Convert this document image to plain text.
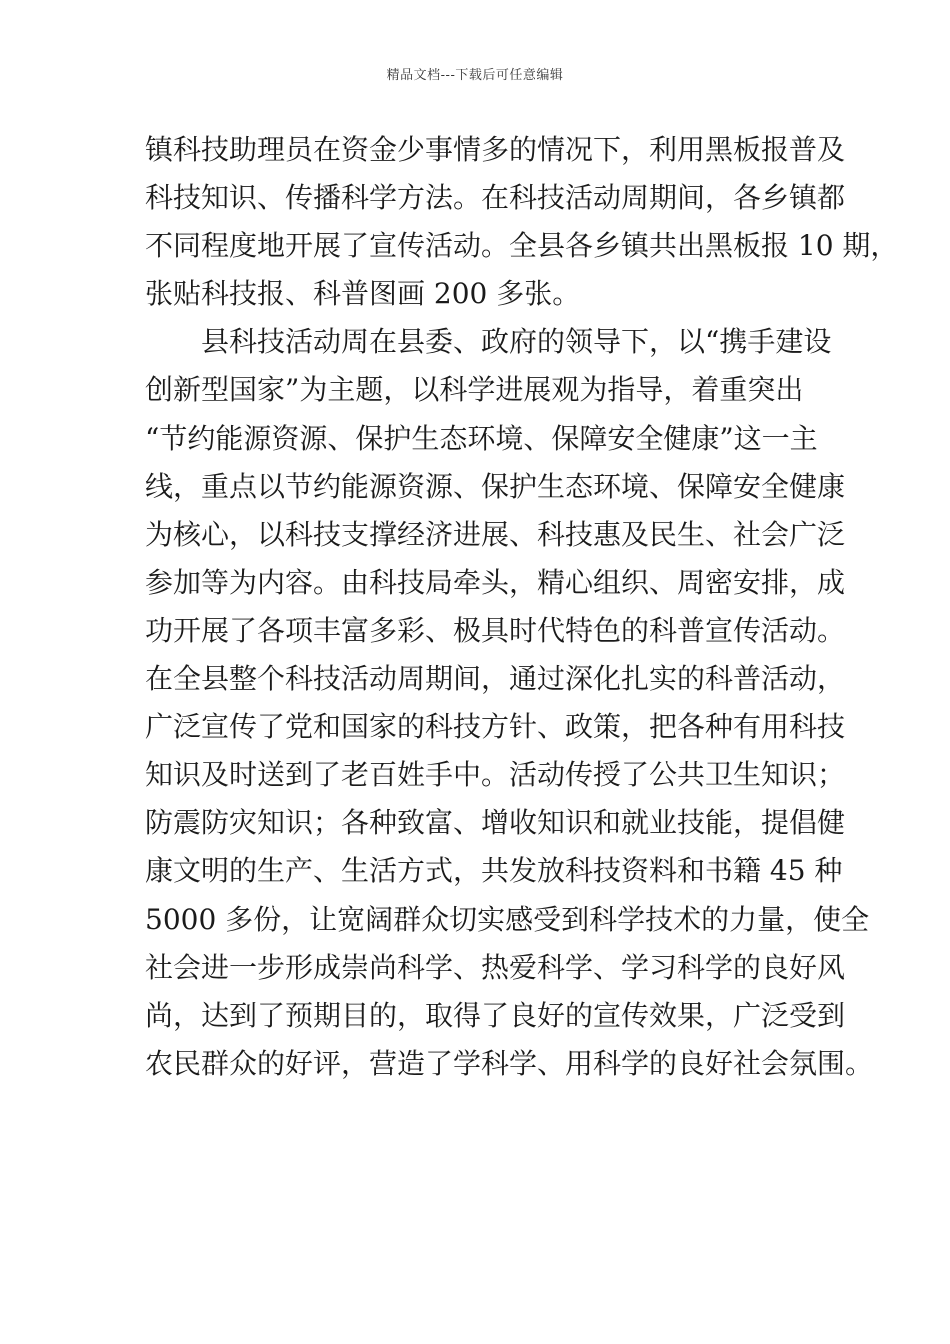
精品文档---下载后可任意编辑
镇科技助理员在资金少事情多的情况下，利用黑板报普及
科技知识、传播科学方法。在科技活动周期间，各乡镇都
不同程度地开展了宣传活动。全县各乡镇共出黑板报 10 期，
张贴科技报、科普图画 200 多张。
　　县科技活动周在县委、政府的领导下，以“携手建设
创新型国家”为主题，以科学进展观为指导，着重突出
“节约能源资源、保护生态环境、保障安全健康”这一主
线，重点以节约能源资源、保护生态环境、保障安全健康
为核心，以科技支撑经济进展、科技惠及民生、社会广泛
参加等为内容。由科技局牵头，精心组织、周密安排，成
功开展了各项丰富多彩、极具时代特色的科普宣传活动。
在全县整个科技活动周期间，通过深化扎实的科普活动，
广泛宣传了党和国家的科技方针、政策，把各种有用科技
知识及时送到了老百姓手中。活动传授了公共卫生知识；
防震防灾知识；各种致富、增收知识和就业技能，提倡健
康文明的生产、生活方式，共发放科技资料和书籍 45 种
5000 多份，让宽阔群众切实感受到科学技术的力量，使全
社会进一步形成崇尚科学、热爱科学、学习科学的良好风
尚，达到了预期目的，取得了良好的宣传效果，广泛受到
农民群众的好评，营造了学科学、用科学的良好社会氛围。
